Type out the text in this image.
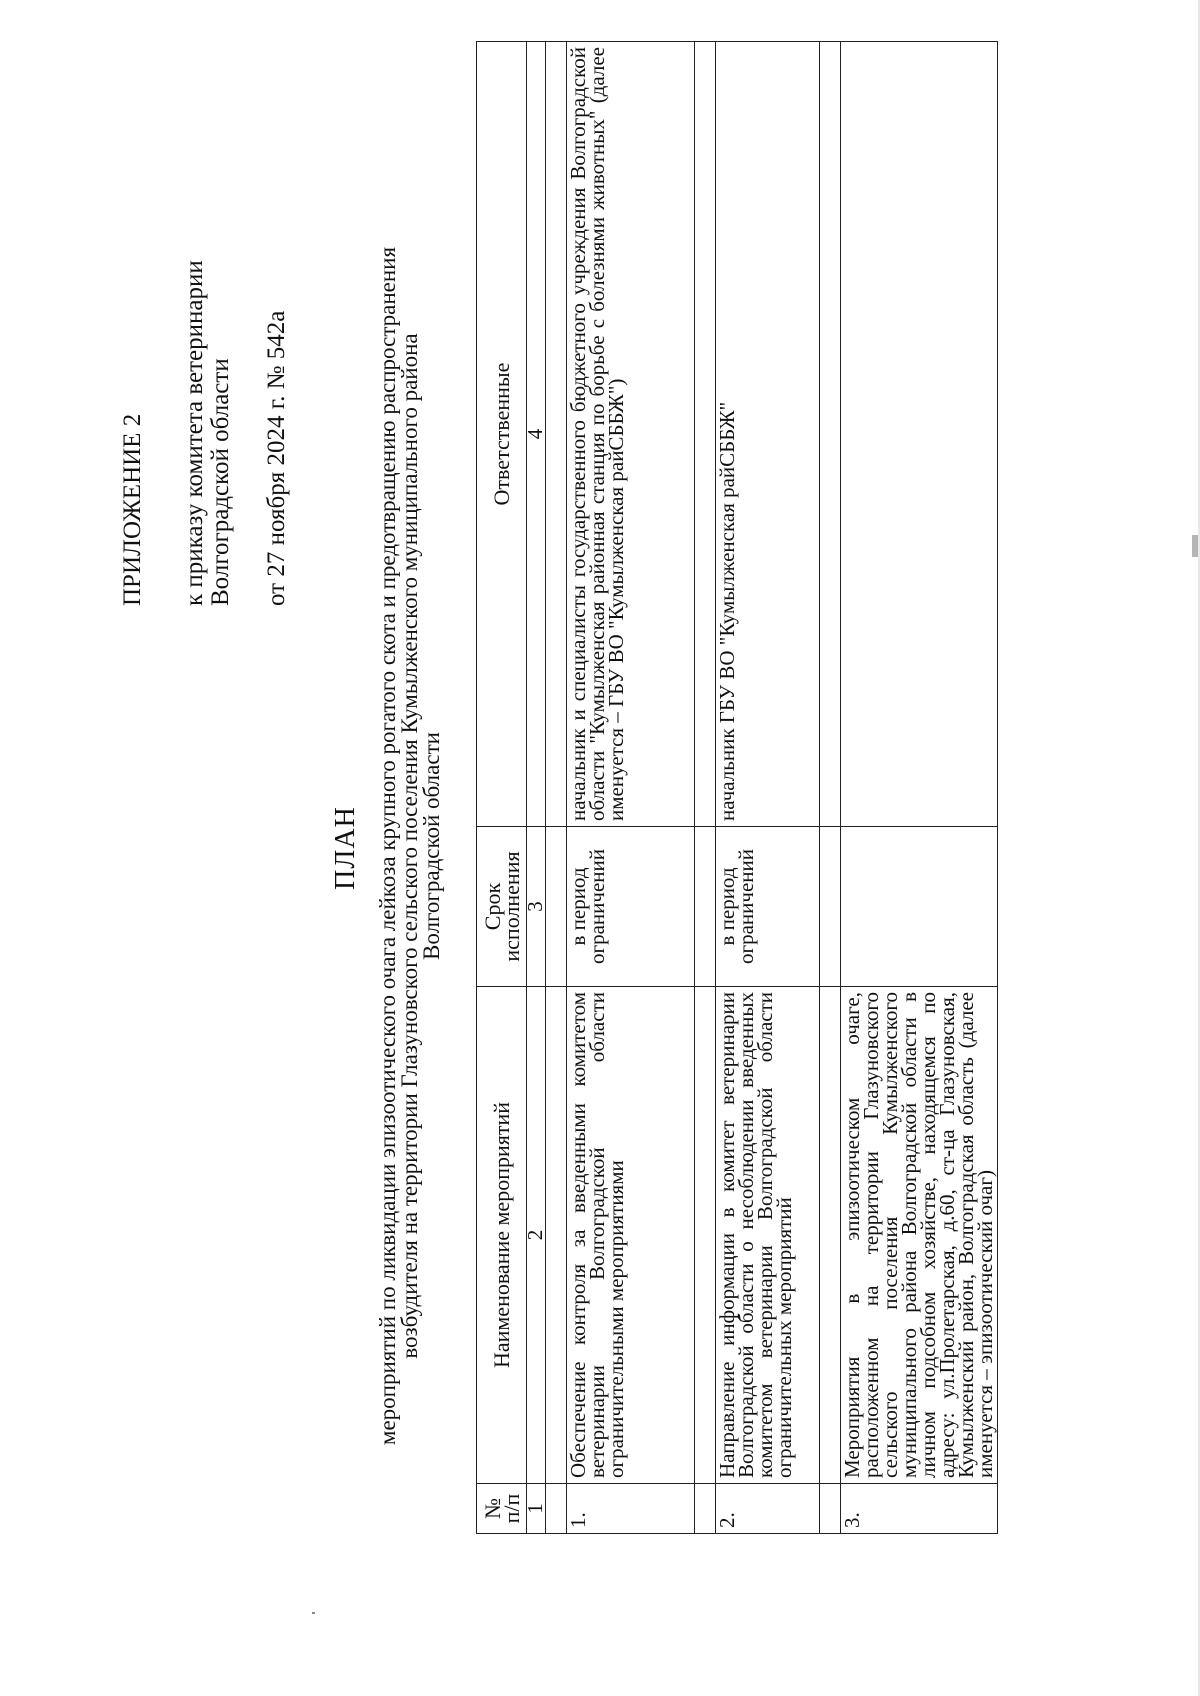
ПРИЛОЖЕНИЕ 2 к приказу комитета ветеринарии Волгоградской области от 27 ноября 2024 г. № 542а
ПЛАН мероприятий по ликвидации эпизоотического очага лейкоза крупного рогатого скота и предотвращению распространения
возбудителя на территории Глазуновского сельского поселения Кумылженского муниципального района
Волгоградской области
№ п/п	Наименование мероприятий	Срок исполнения	Ответственные
1	2	3	4

1.	Обеспечение контроля за введенными комитетом ветеринарии Волгоградской области ограничительными мероприятиями	в период ограничений	начальник и специалисты государственного бюджетного учреждения Волгоградской области "Кумылженская районная станция по борьбе с болезнями животных" (далее именуется – ГБУ ВО "Кумылженская райСББЖ")

2.	Направление информации в комитет ветеринарии Волгоградской области о несоблюдении введенных комитетом ветеринарии Волгоградской области ограничительных мероприятий	в период ограничений	начальник ГБУ ВО "Кумылженская райСББЖ"

3.	Мероприятия в эпизоотическом очаге, расположенном на территории Глазуновского сельского поселения Кумылженского муниципального района Волгоградской области в личном подсобном хозяйстве, находящемся по адресу: ул.Пролетарская, д.60, ст-ца Глазуновская, Кумылженский район, Волгоградская область (далее именуется – эпизоотический очаг)		
